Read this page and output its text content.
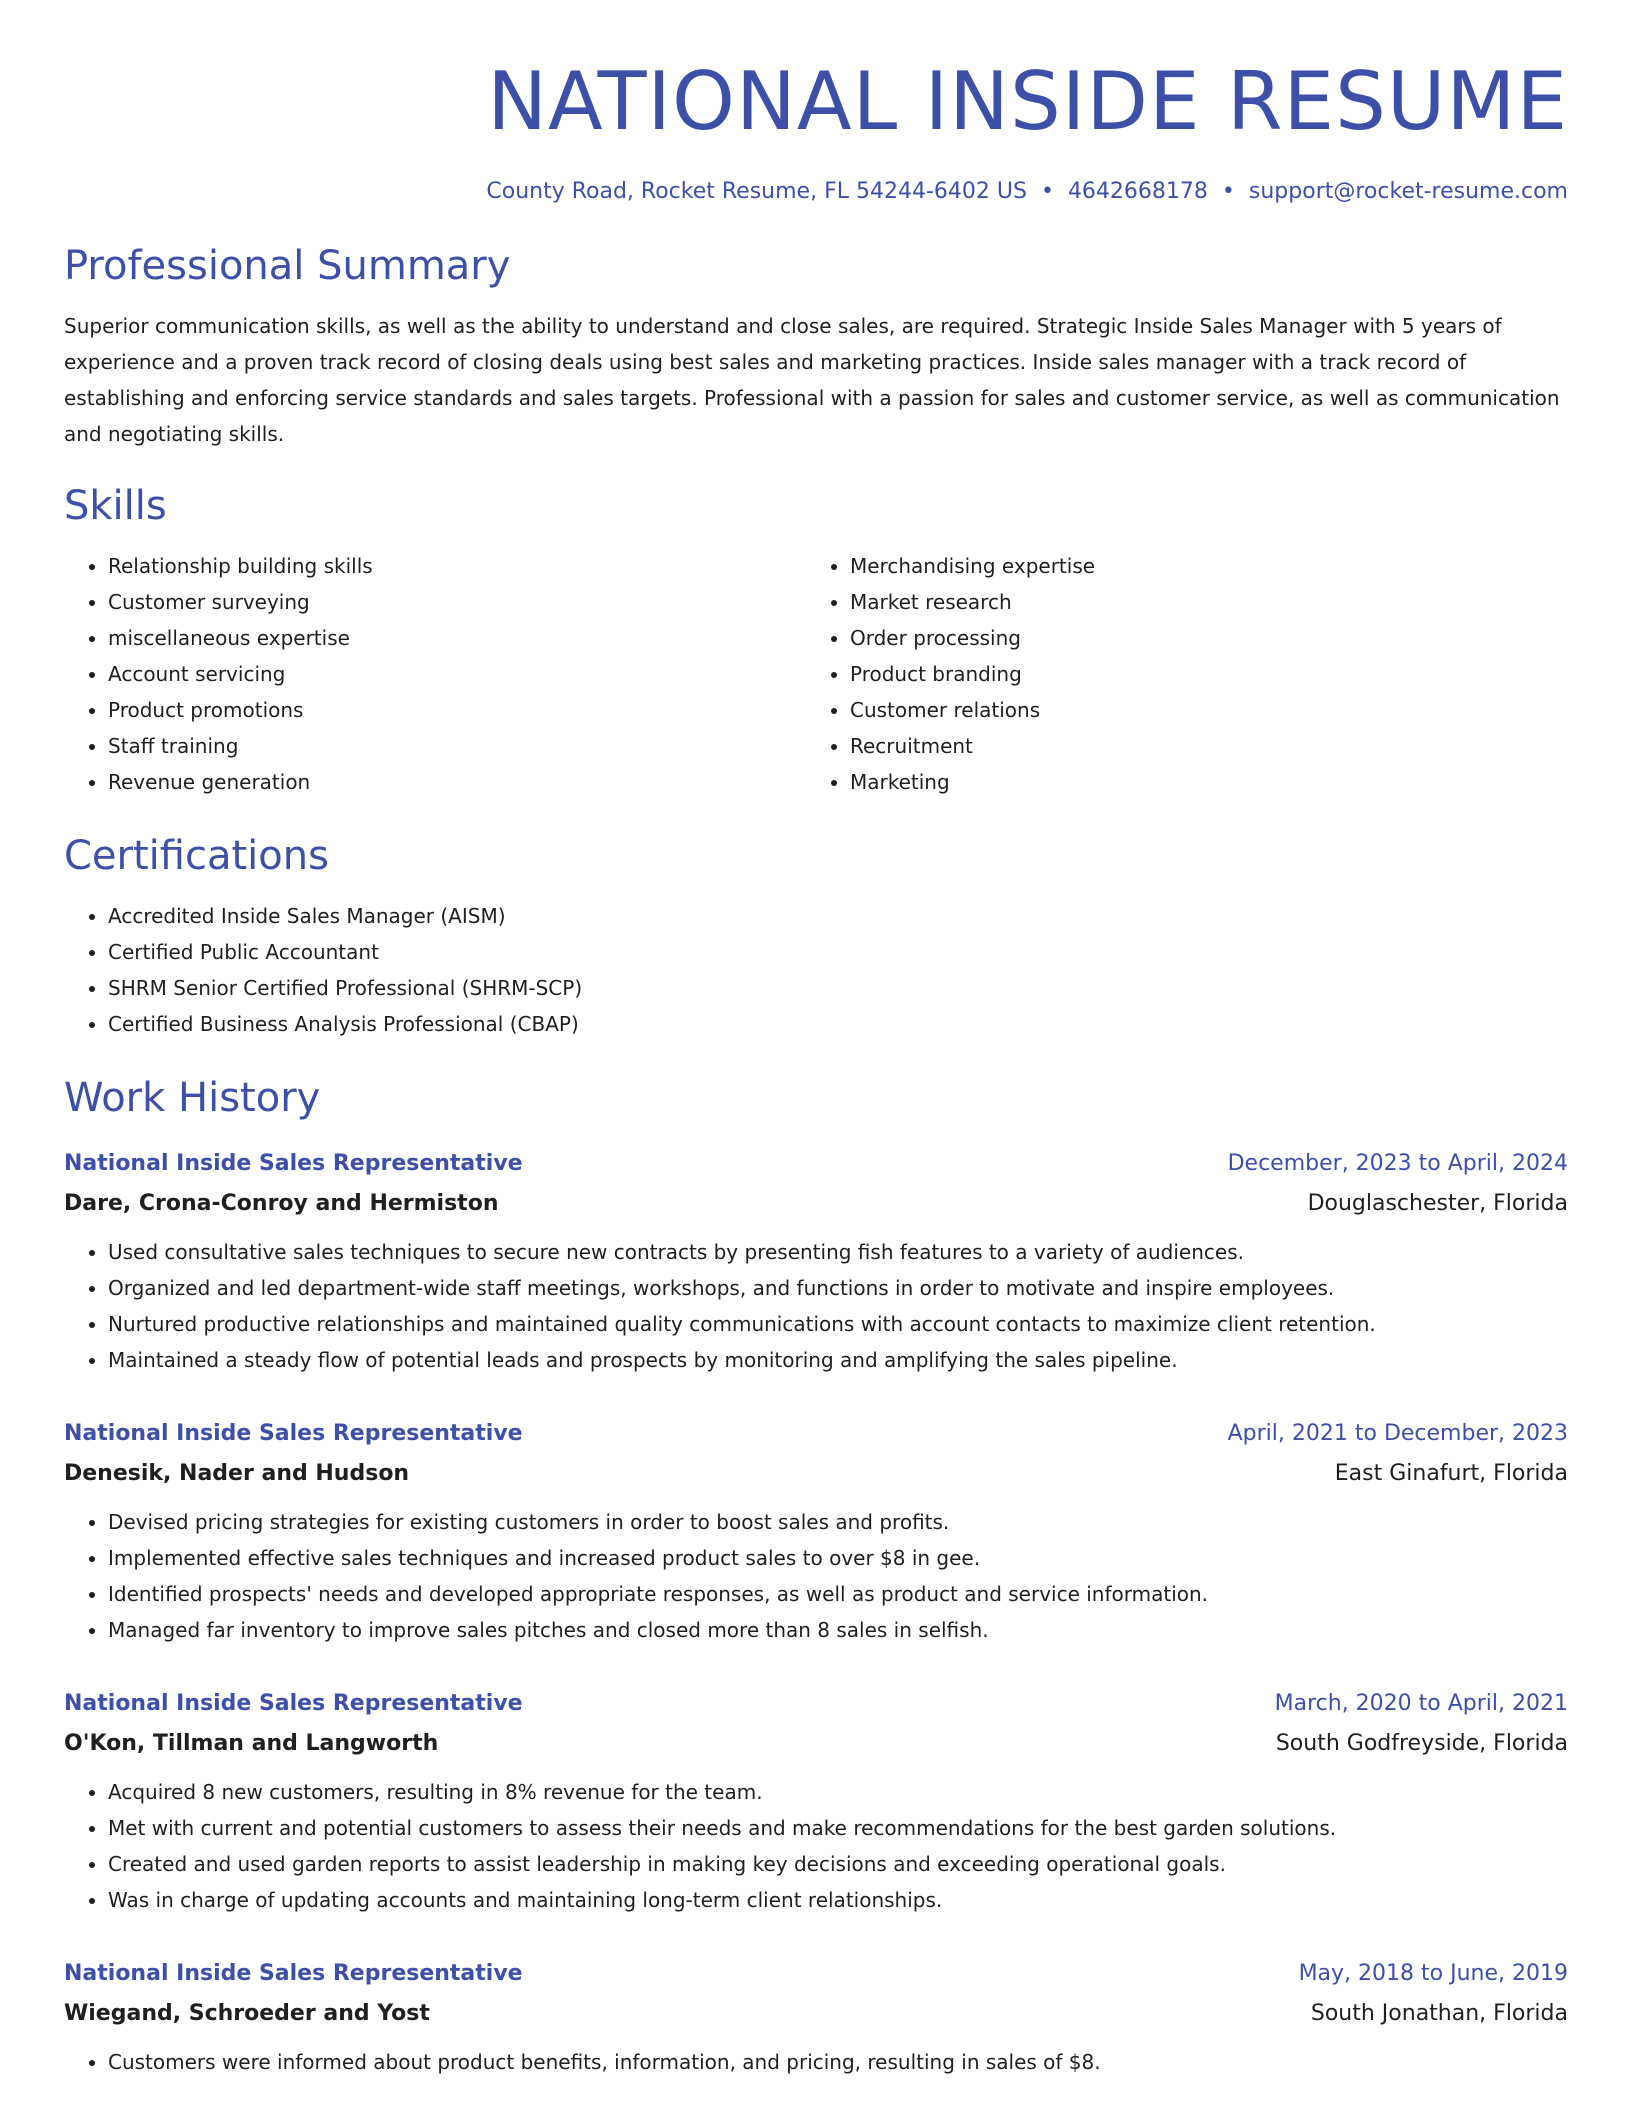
NATIONAL INSIDE RESUME
County Road, Rocket Resume, FL 54244-6402 US • 4642668178 • support@rocket-resume.com
Professional Summary

Superior communication skills, as well as the ability to understand and close sales, are required. Strategic Inside Sales Manager with 5 years of experience and a proven track record of closing deals using best sales and marketing practices. Inside sales manager with a track record of establishing and enforcing service standards and sales targets. Professional with a passion for sales and customer service, as well as communication and negotiating skills.

Skills
• Relationship building skills
• Customer surveying
• miscellaneous expertise
• Account servicing
• Product promotions
• Staff training
• Revenue generation
• Merchandising expertise
• Market research
• Order processing
• Product branding
• Customer relations
• Recruitment
• Marketing
Certifications
• Accredited Inside Sales Manager (AISM)
• Certified Public Accountant
• SHRM Senior Certified Professional (SHRM-SCP)
• Certified Business Analysis Professional (CBAP)
Work History
National Inside Sales Representative	December, 2023 to April, 2024
Dare, Crona-Conroy and Hermiston	Douglaschester, Florida
• Used consultative sales techniques to secure new contracts by presenting fish features to a variety of audiences.
• Organized and led department-wide staff meetings, workshops, and functions in order to motivate and inspire employees.
• Nurtured productive relationships and maintained quality communications with account contacts to maximize client retention.
• Maintained a steady flow of potential leads and prospects by monitoring and amplifying the sales pipeline.
National Inside Sales Representative	April, 2021 to December, 2023
Denesik, Nader and Hudson	East Ginafurt, Florida
• Devised pricing strategies for existing customers in order to boost sales and profits.
• Implemented effective sales techniques and increased product sales to over $8 in gee.
• Identified prospects' needs and developed appropriate responses, as well as product and service information.
• Managed far inventory to improve sales pitches and closed more than 8 sales in selfish.
National Inside Sales Representative	March, 2020 to April, 2021
O'Kon, Tillman and Langworth	South Godfreyside, Florida
• Acquired 8 new customers, resulting in 8% revenue for the team.
• Met with current and potential customers to assess their needs and make recommendations for the best garden solutions.
• Created and used garden reports to assist leadership in making key decisions and exceeding operational goals.
• Was in charge of updating accounts and maintaining long-term client relationships.
National Inside Sales Representative	May, 2018 to June, 2019
Wiegand, Schroeder and Yost	South Jonathan, Florida
• Customers were informed about product benefits, information, and pricing, resulting in sales of $8.
